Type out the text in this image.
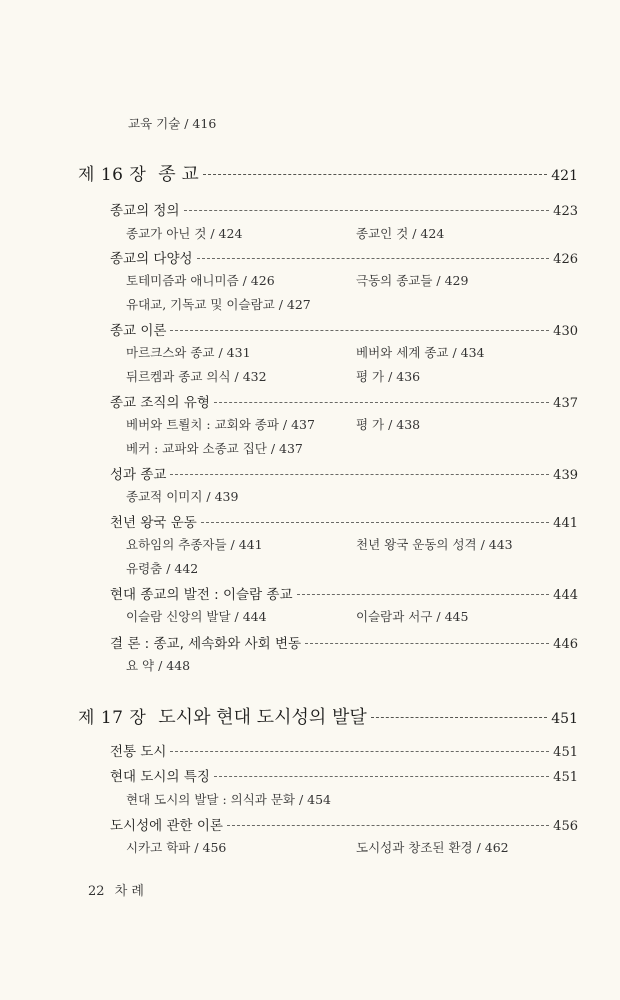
교육 기술 / 416
제 16 장 종 교	421
종교의 정의	423
종교가 아닌 것 / 424	종교인 것 / 424
종교의 다양성	426
토테미즘과 애니미즘 / 426	극동의 종교들 / 429
유대교, 기독교 및 이슬람교 / 427
종교 이론	430
마르크스와 종교 / 431	베버와 세계 종교 / 434
뒤르켐과 종교 의식 / 432	평 가 / 436
종교 조직의 유형	437
베버와 트뢸치 : 교회와 종파 / 437	평 가 / 438
베커 : 교파와 소종교 집단 / 437
성과 종교	439
종교적 이미지 / 439
천년 왕국 운동	441
요하임의 추종자들 / 441	천년 왕국 운동의 성격 / 443
유령춤 / 442
현대 종교의 발전 : 이슬람 종교	444
이슬람 신앙의 발달 / 444	이슬람과 서구 / 445
결 론 : 종교, 세속화와 사회 변동	446
요 약 / 448
제 17 장 도시와 현대 도시성의 발달	451
전통 도시	451
현대 도시의 특징	451
현대 도시의 발달 : 의식과 문화 / 454
도시성에 관한 이론	456
시카고 학파 / 456	도시성과 창조된 환경 / 462
22 차 례
